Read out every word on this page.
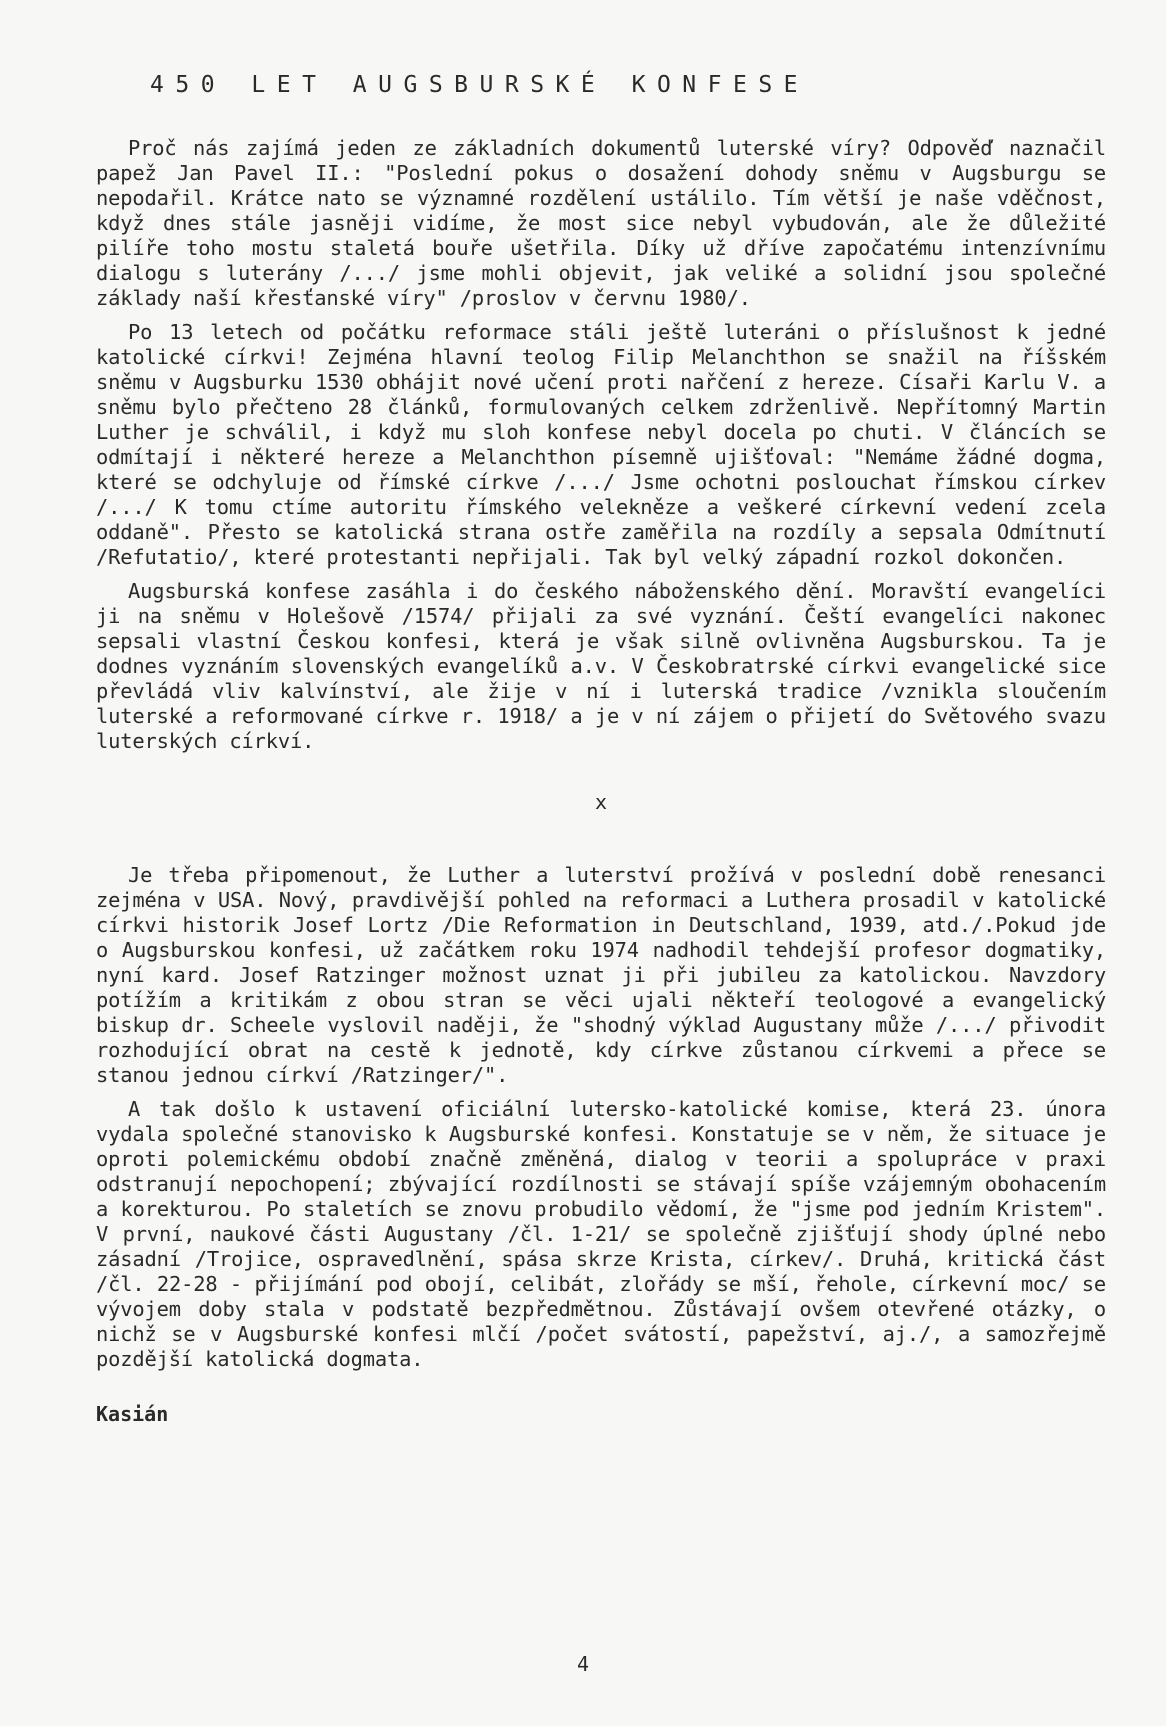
450 LET AUGSBURSKÉ KONFESE

Proč nás zajímá jeden ze základních dokumentů luterské víry? Odpověď naznačil papež Jan Pavel II.: "Poslední pokus o dosažení dohody sněmu v Augsburgu se nepodařil. Krátce nato se významné rozdělení ustálilo. Tím větší je naše vděčnost, když dnes stále jasněji vidíme, že most sice nebyl vybudován, ale že důležité pilíře toho mostu staletá bouře ušetřila. Díky už dříve započatému intenzívnímu dialogu s luterány /.../ jsme mohli objevit, jak veliké a solidní jsou společné základy naší křesťanské víry" /proslov v červnu 1980/.

Po 13 letech od počátku reformace stáli ještě luteráni o příslušnost k jedné katolické církvi! Zejména hlavní teolog Filip Melanchthon se snažil na říšském sněmu v Augsburku 1530 obhájit nové učení proti nařčení z hereze. Císaři Karlu V. a sněmu bylo přečteno 28 článků, formulovaných celkem zdrženlivě. Nepřítomný Martin Luther je schválil, i když mu sloh konfese nebyl docela po chuti. V článcích se odmítají i některé hereze a Melanchthon písemně ujišťoval: "Nemáme žádné dogma, které se odchyluje od římské církve /.../ Jsme ochotni poslouchat římskou církev /.../ K tomu ctíme autoritu římského velekněze a veškeré církevní vedení zcela oddaně". Přesto se katolická strana ostře zaměřila na rozdíly a sepsala Odmítnutí /Refutatio/, které protestanti nepřijali. Tak byl velký západní rozkol dokončen.

Augsburská konfese zasáhla i do českého náboženského dění. Moravští evangelíci ji na sněmu v Holešově /1574/ přijali za své vyznání. Čeští evangelíci nakonec sepsali vlastní Českou konfesi, která je však silně ovlivněna Augsburskou. Ta je dodnes vyznáním slovenských evangelíků a.v. V Českobratrské církvi evangelické sice převládá vliv kalvínství, ale žije v ní i luterská tradice /vznikla sloučením luterské a reformované církve r. 1918/ a je v ní zájem o přijetí do Světového svazu luterských církví.

x

Je třeba připomenout, že Luther a luterství prožívá v poslední době renesanci zejména v USA. Nový, pravdivější pohled na reformaci a Luthera prosadil v katolické církvi historik Josef Lortz /Die Reformation in Deutschland, 1939, atd./.Pokud jde o Augsburskou konfesi, už začátkem roku 1974 nadhodil tehdejší profesor dogmatiky, nyní kard. Josef Ratzinger možnost uznat ji při jubileu za katolickou. Navzdory potížím a kritikám z obou stran se věci ujali někteří teologové a evangelický biskup dr. Scheele vyslovil naději, že "shodný výklad Augustany může /.../ přivodit rozhodující obrat na cestě k jednotě, kdy církve zůstanou církvemi a přece se stanou jednou církví /Ratzinger/".

A tak došlo k ustavení oficiální lutersko-katolické komise, která 23. února vydala společné stanovisko k Augsburské konfesi. Konstatuje se v něm, že situace je oproti polemickému období značně změněná, dialog v teorii a spolupráce v praxi odstranují nepochopení; zbývající rozdílnosti se stávají spíše vzájemným obohacením a korekturou. Po staletích se znovu probudilo vědomí, že "jsme pod jedním Kristem". V první, naukové části Augustany /čl. 1-21/ se společně zjišťují shody úplné nebo zásadní /Trojice, ospravedlnění, spása skrze Krista, církev/. Druhá, kritická část /čl. 22-28 - přijímání pod obojí, celibát, zlořády se mší, řehole, církevní moc/ se vývojem doby stala v podstatě bezpředmětnou. Zůstávají ovšem otevřené otázky, o nichž se v Augsburské konfesi mlčí /počet svátostí, papežství, aj./, a samozřejmě pozdější katolická dogmata.

Kasián
4
